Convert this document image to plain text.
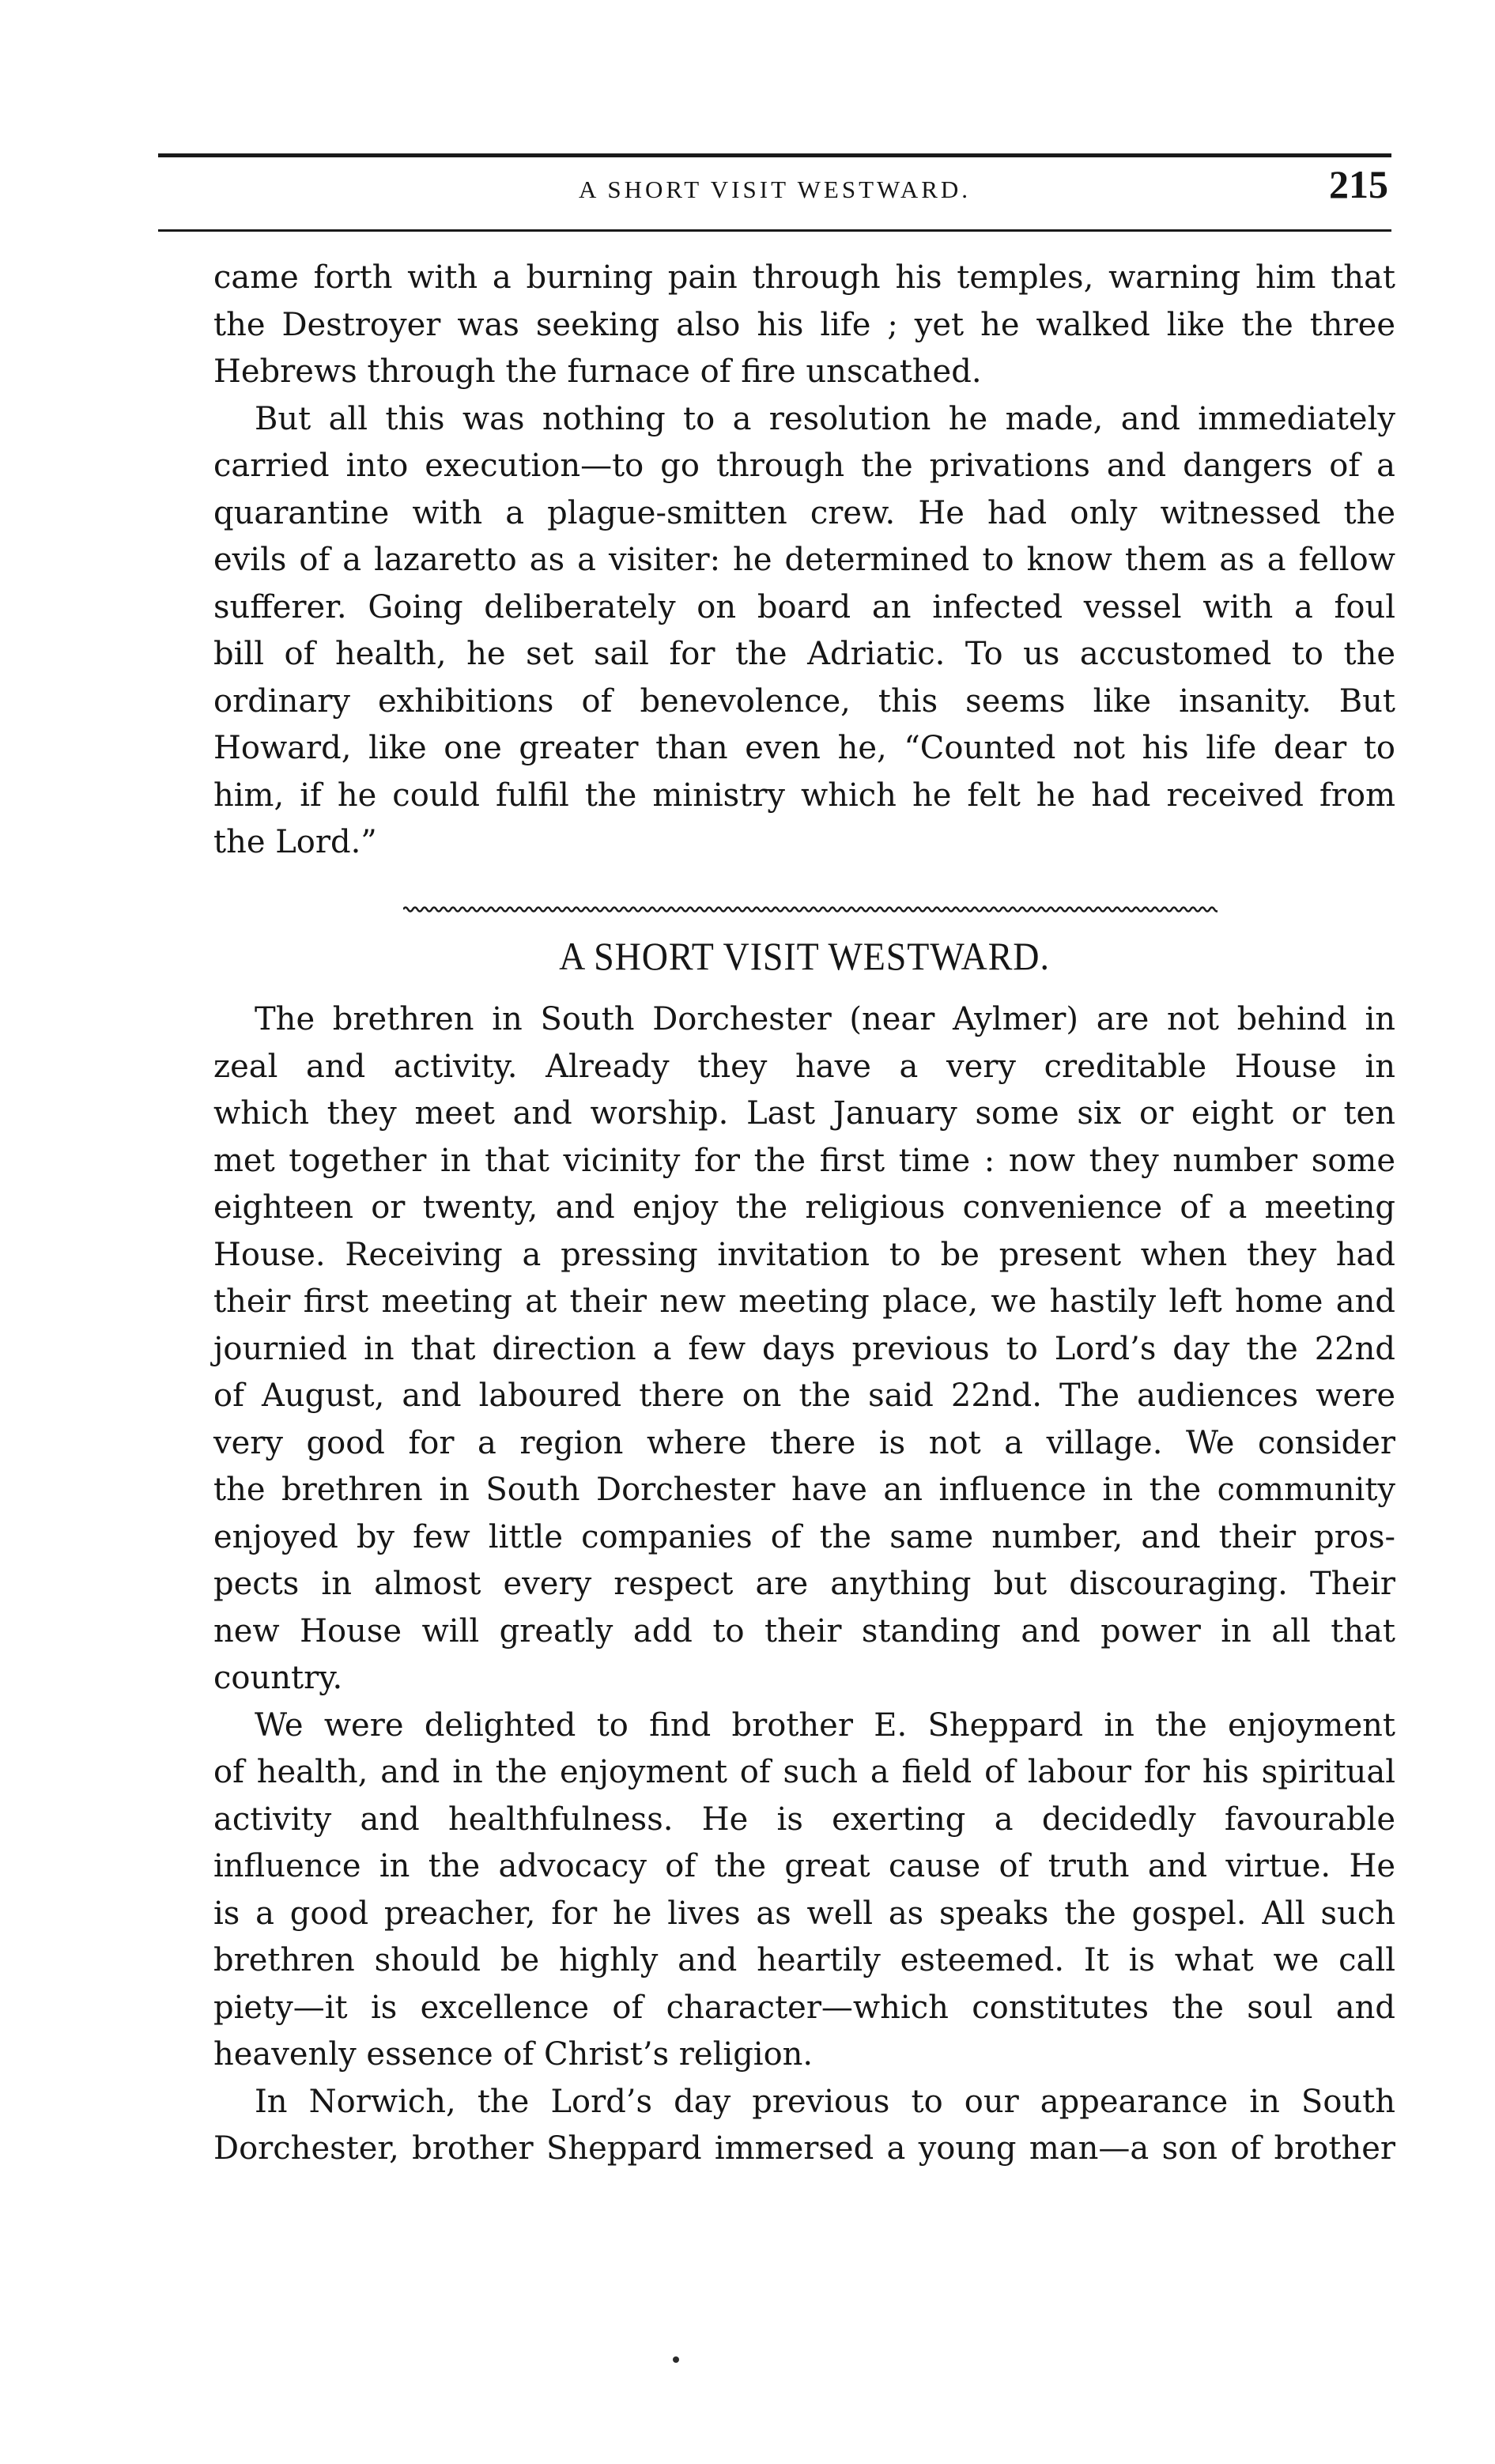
A SHORT VISIT WESTWARD.	215

came forth with a burning pain through his temples, warning him that
the Destroyer was seeking also his life ; yet he walked like the three
Hebrews through the furnace of fire unscathed.

But all this was nothing to a resolution he made, and immediately
carried into execution—to go through the privations and dangers of a
quarantine with a plague-smitten crew. He had only witnessed the
evils of a lazaretto as a visiter: he determined to know them as a fellow
sufferer. Going deliberately on board an infected vessel with a foul
bill of health, he set sail for the Adriatic. To us accustomed to the
ordinary exhibitions of benevolence, this seems like insanity. But
Howard, like one greater than even he, “Counted not his life dear to
him, if he could fulfil the ministry which he felt he had received from
the Lord.”

A SHORT VISIT WESTWARD.

The brethren in South Dorchester (near Aylmer) are not behind in
zeal and activity. Already they have a very creditable House in
which they meet and worship. Last January some six or eight or ten
met together in that vicinity for the first time : now they number some
eighteen or twenty, and enjoy the religious convenience of a meeting
House. Receiving a pressing invitation to be present when they had
their first meeting at their new meeting place, we hastily left home and
journied in that direction a few days previous to Lord’s day the 22nd
of August, and laboured there on the said 22nd. The audiences were
very good for a region where there is not a village. We consider
the brethren in South Dorchester have an influence in the community
enjoyed by few little companies of the same number, and their pros-
pects in almost every respect are anything but discouraging. Their
new House will greatly add to their standing and power in all that
country.

We were delighted to find brother E. Sheppard in the enjoyment
of health, and in the enjoyment of such a field of labour for his spiritual
activity and healthfulness. He is exerting a decidedly favourable
influence in the advocacy of the great cause of truth and virtue. He
is a good preacher, for he lives as well as speaks the gospel. All such
brethren should be highly and heartily esteemed. It is what we call
piety—it is excellence of character—which constitutes the soul and
heavenly essence of Christ’s religion.

In Norwich, the Lord’s day previous to our appearance in South
Dorchester, brother Sheppard immersed a young man—a son of brother
